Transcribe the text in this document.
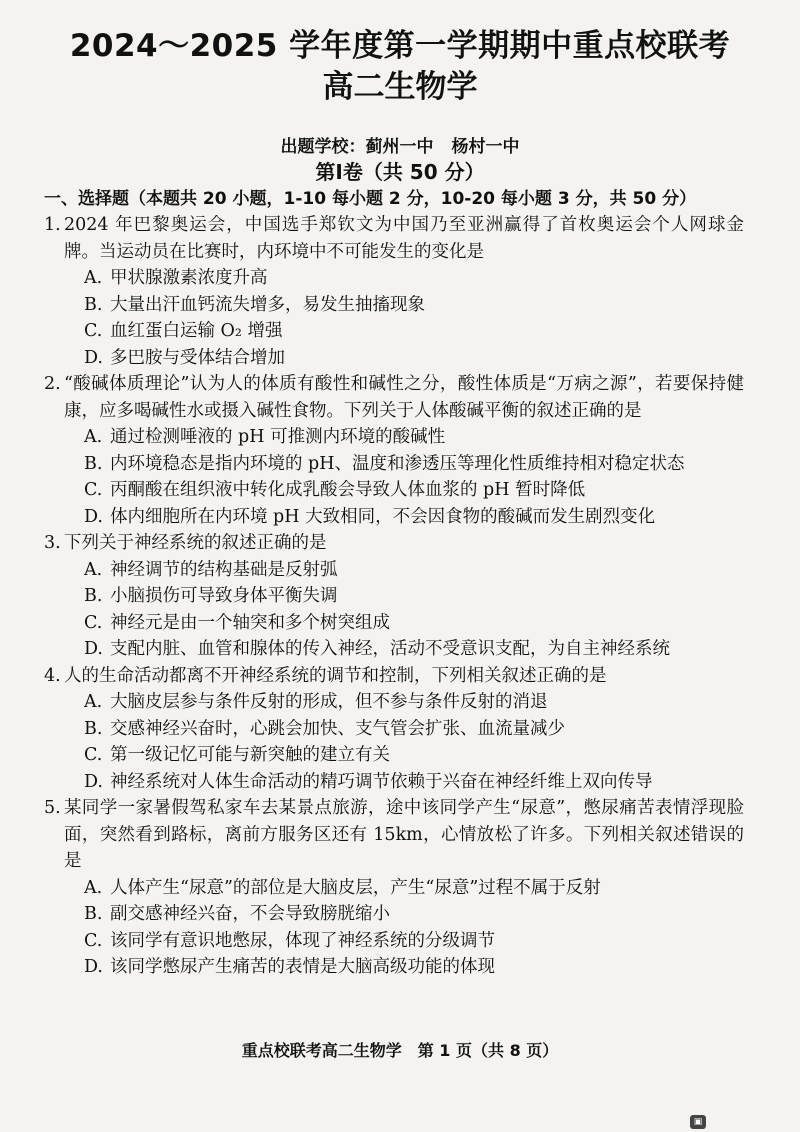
2024～2025 学年度第一学期期中重点校联考
高二生物学
出题学校：蓟州一中 杨村一中
第Ⅰ卷（共 50 分）
一、选择题（本题共 20 小题，1-10 每小题 2 分，10-20 每小题 3 分，共 50 分）
1. 2024 年巴黎奥运会，中国选手郑钦文为中国乃至亚洲赢得了首枚奥运会个人网球金牌。当运动员在比赛时，内环境中不可能发生的变化是
A. 甲状腺激素浓度升高
B. 大量出汗血钙流失增多，易发生抽搐现象
C. 血红蛋白运输 O₂ 增强
D. 多巴胺与受体结合增加
2. “酸碱体质理论”认为人的体质有酸性和碱性之分，酸性体质是“万病之源”，若要保持健康，应多喝碱性水或摄入碱性食物。下列关于人体酸碱平衡的叙述正确的是
A. 通过检测唾液的 pH 可推测内环境的酸碱性
B. 内环境稳态是指内环境的 pH、温度和渗透压等理化性质维持相对稳定状态
C. 丙酮酸在组织液中转化成乳酸会导致人体血浆的 pH 暂时降低
D. 体内细胞所在内环境 pH 大致相同，不会因食物的酸碱而发生剧烈变化
3. 下列关于神经系统的叙述正确的是
A. 神经调节的结构基础是反射弧
B. 小脑损伤可导致身体平衡失调
C. 神经元是由一个轴突和多个树突组成
D. 支配内脏、血管和腺体的传入神经，活动不受意识支配，为自主神经系统
4. 人的生命活动都离不开神经系统的调节和控制，下列相关叙述正确的是
A. 大脑皮层参与条件反射的形成，但不参与条件反射的消退
B. 交感神经兴奋时，心跳会加快、支气管会扩张、血流量减少
C. 第一级记忆可能与新突触的建立有关
D. 神经系统对人体生命活动的精巧调节依赖于兴奋在神经纤维上双向传导
5. 某同学一家暑假驾私家车去某景点旅游，途中该同学产生“尿意”，憋尿痛苦表情浮现脸面，突然看到路标，离前方服务区还有 15km，心情放松了许多。下列相关叙述错误的是
A. 人体产生“尿意”的部位是大脑皮层，产生“尿意”过程不属于反射
B. 副交感神经兴奋，不会导致膀胱缩小
C. 该同学有意识地憋尿，体现了神经系统的分级调节
D. 该同学憋尿产生痛苦的表情是大脑高级功能的体现
重点校联考高二生物学　第 1 页（共 8 页）
▣
